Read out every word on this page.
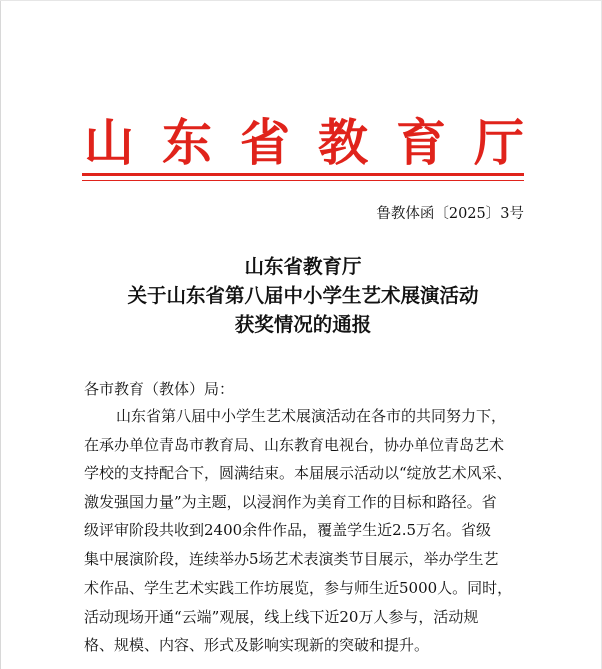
山 东 省 教 育 厅
鲁教体函〔2025〕3号
山东省教育厅
关于山东省第八届中小学生艺术展演活动
获奖情况的通报
各市教育（教体）局：
山东省第八届中小学生艺术展演活动在各市的共同努力下，
在承办单位青岛市教育局、山东教育电视台，协办单位青岛艺术
学校的支持配合下，圆满结束。本届展示活动以“绽放艺术风采、
激发强国力量”为主题，以浸润作为美育工作的目标和路径。省
级评审阶段共收到2400余件作品，覆盖学生近2.5万名。省级
集中展演阶段，连续举办5场艺术表演类节目展示，举办学生艺
术作品、学生艺术实践工作坊展览，参与师生近5000人。同时，
活动现场开通“云端”观展，线上线下近20万人参与，活动规
格、规模、内容、形式及影响实现新的突破和提升。
